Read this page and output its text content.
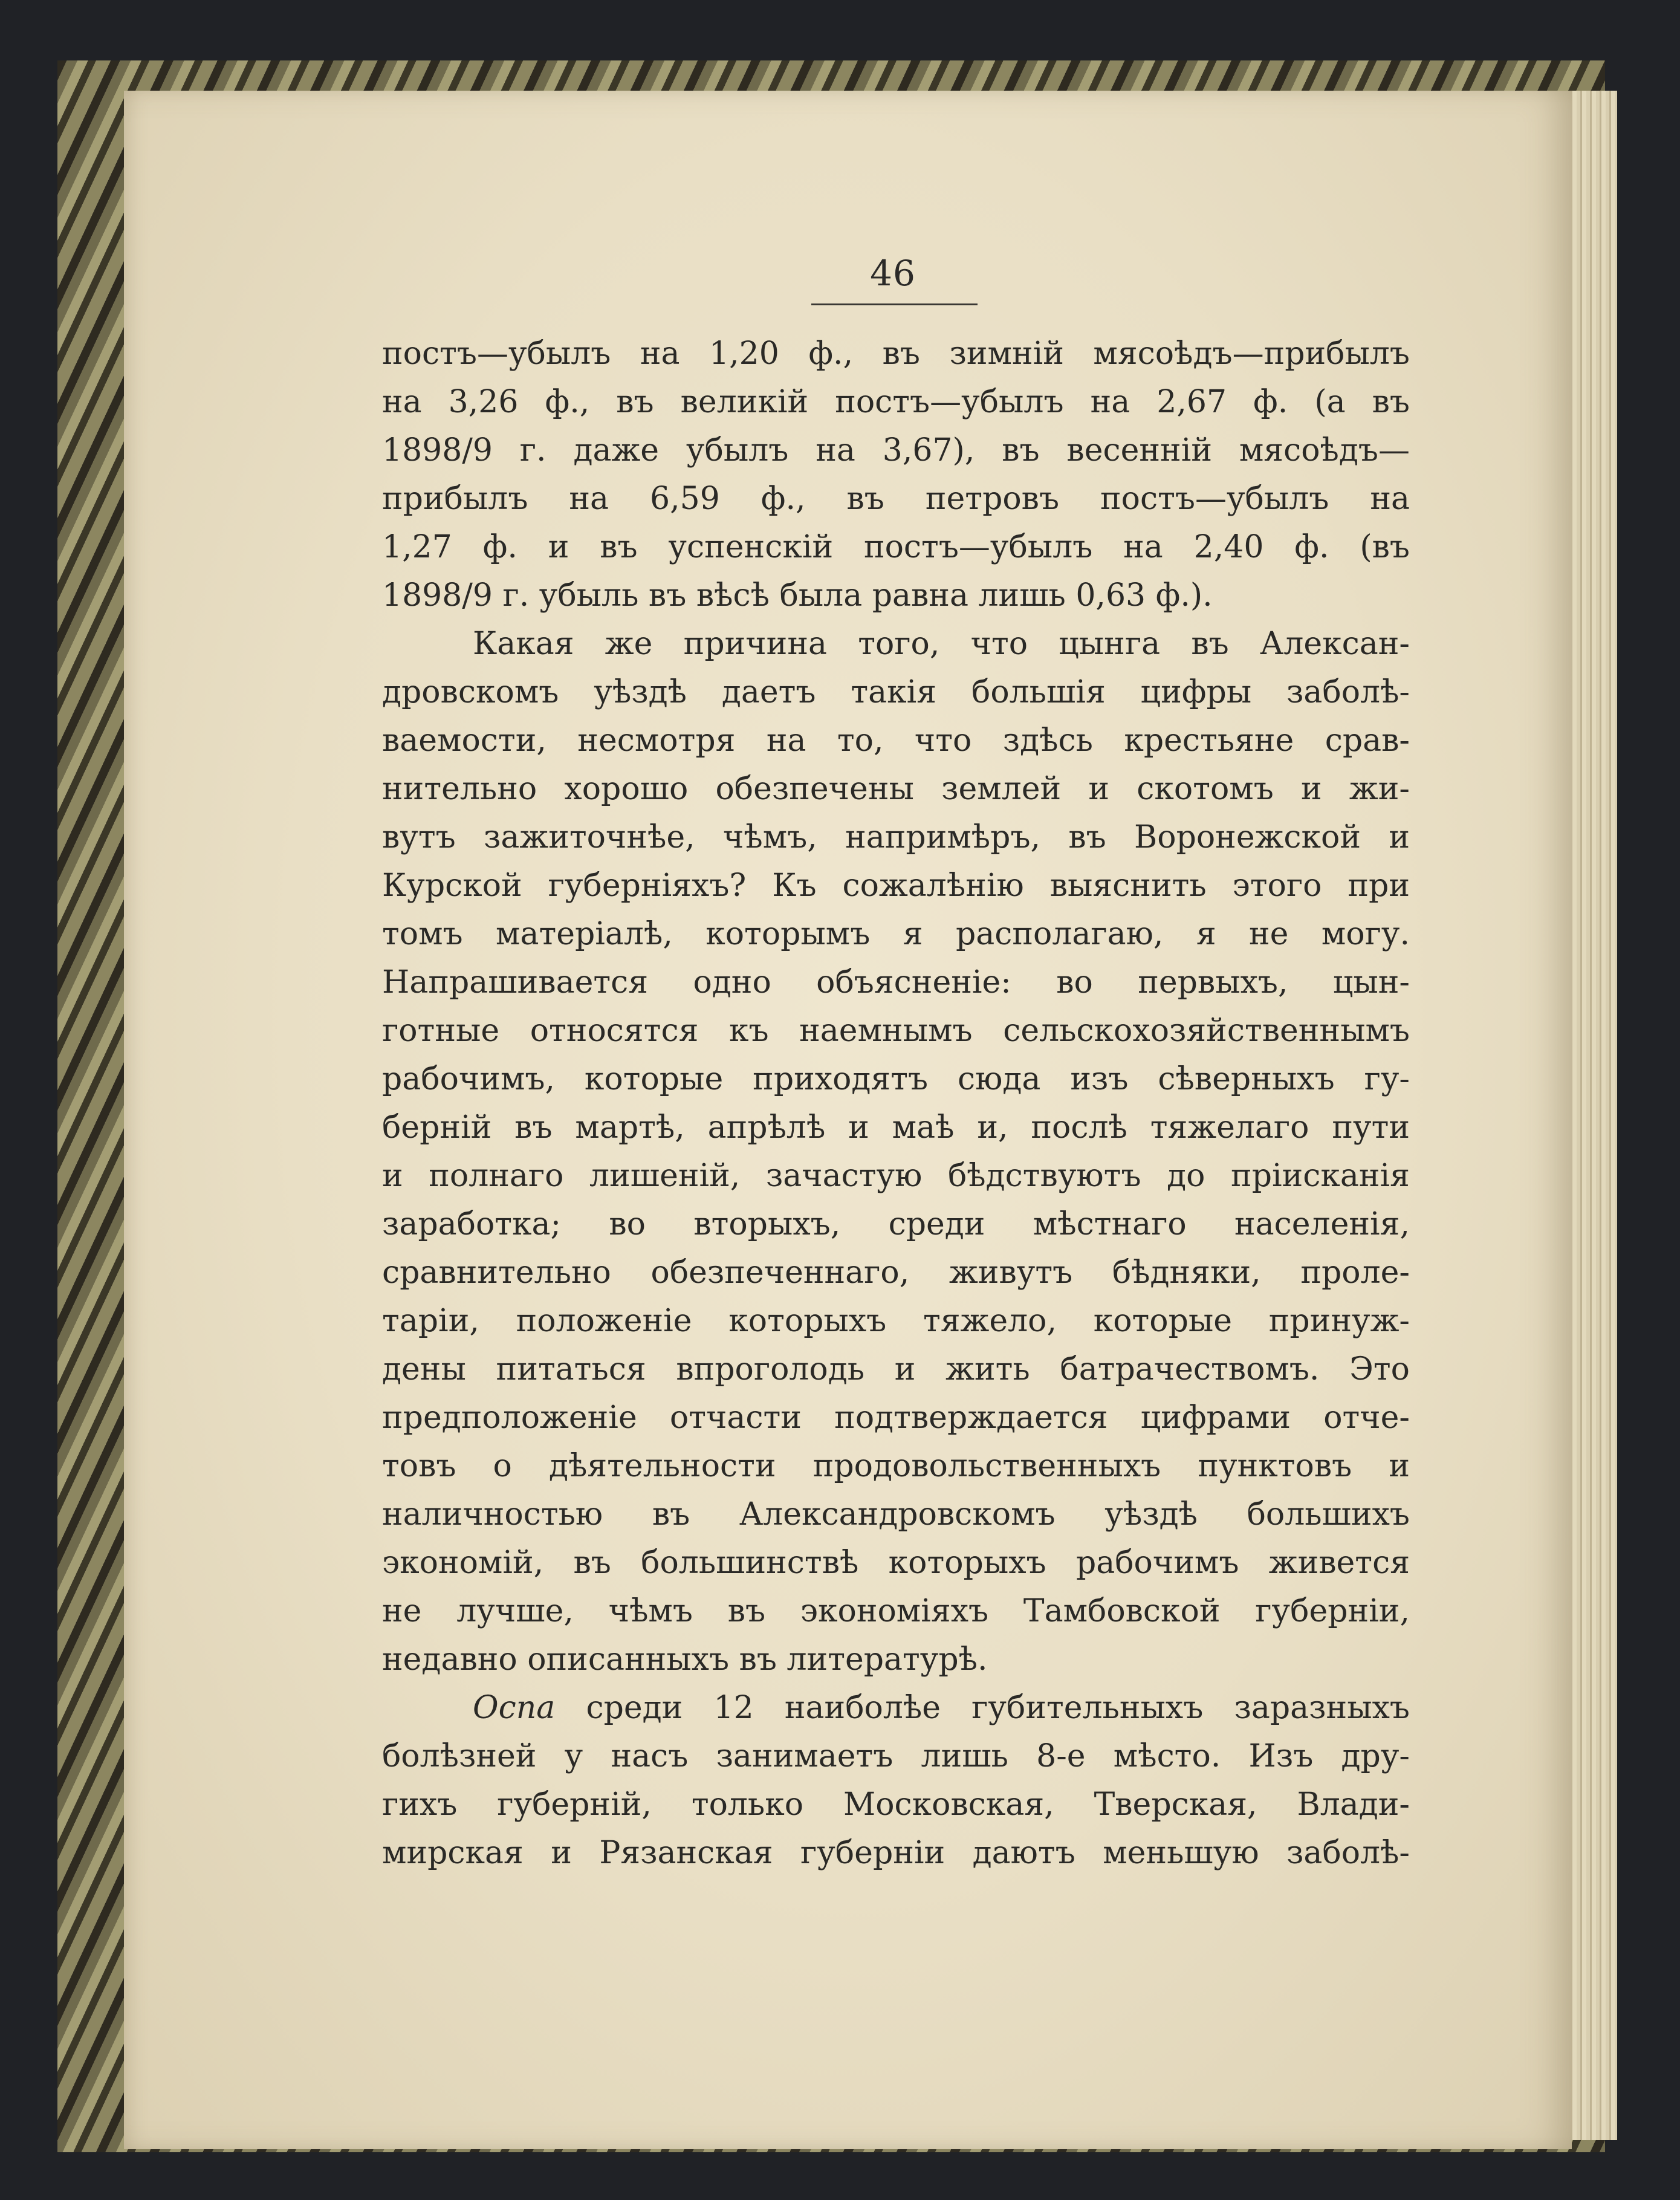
46
постъ—убылъ на 1,20 ф., въ зимній мясоѣдъ—прибылъ
на 3,26 ф., въ великій постъ—убылъ на 2,67 ф. (а въ
1898/9 г. даже убылъ на 3,67), въ весенній мясоѣдъ—
прибылъ на 6,59 ф., въ петровъ постъ—убылъ на
1,27 ф. и въ успенскій постъ—убылъ на 2,40 ф. (въ
1898/9 г. убыль въ вѣсѣ была равна лишь 0,63 ф.).
Какая же причина того, что цынга въ Алексан-
дровскомъ уѣздѣ даетъ такія большія цифры заболѣ-
ваемости, несмотря на то, что здѣсь крестьяне срав-
нительно хорошо обезпечены землей и скотомъ и жи-
вутъ зажиточнѣе, чѣмъ, напримѣръ, въ Воронежской и
Курской губерніяхъ? Къ сожалѣнію выяснить этого при
томъ матеріалѣ, которымъ я располагаю, я не могу.
Напрашивается одно объясненіе: во первыхъ, цын-
готные относятся къ наемнымъ сельскохозяйственнымъ
рабочимъ, которые приходятъ сюда изъ сѣверныхъ гу-
берній въ мартѣ, апрѣлѣ и маѣ и, послѣ тяжелаго пути
и полнаго лишеній, зачастую бѣдствуютъ до пріисканія
заработка; во вторыхъ, среди мѣстнаго населенія,
сравнительно обезпеченнаго, живутъ бѣдняки, проле-
таріи, положеніе которыхъ тяжело, которые принуж-
дены питаться впроголодь и жить батрачествомъ. Это
предположеніе отчасти подтверждается цифрами отче-
товъ о дѣятельности продовольственныхъ пунктовъ и
наличностью въ Александровскомъ уѣздѣ большихъ
экономій, въ большинствѣ которыхъ рабочимъ живется
не лучше, чѣмъ въ экономіяхъ Тамбовской губерніи,
недавно описанныхъ въ литературѣ.
Оспа среди 12 наиболѣе губительныхъ заразныхъ
болѣзней у насъ занимаетъ лишь 8-е мѣсто. Изъ дру-
гихъ губерній, только Московская, Тверская, Влади-
мирская и Рязанская губерніи даютъ меньшую заболѣ-
